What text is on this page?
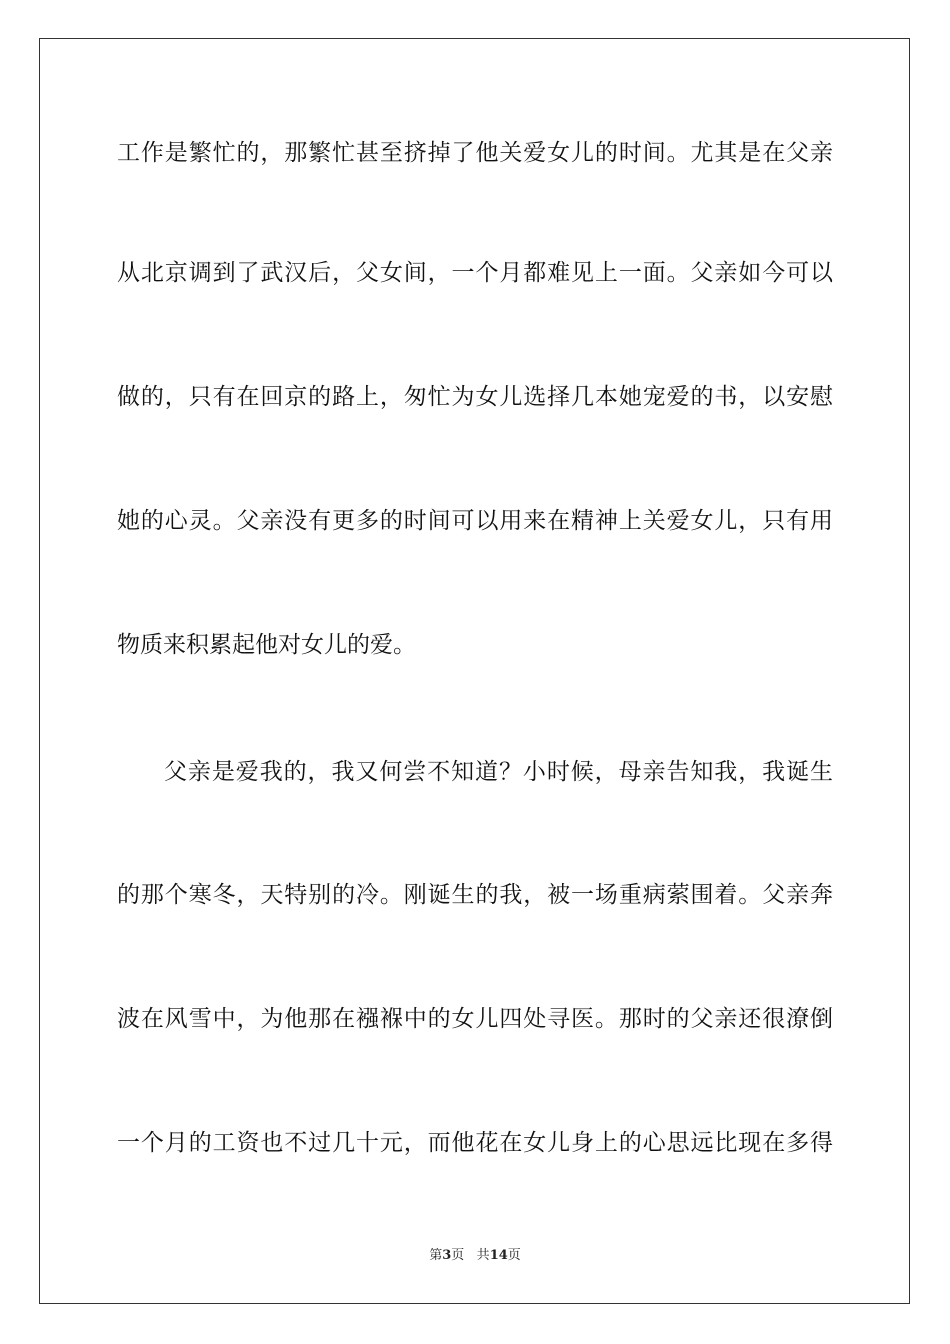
工作是繁忙的，那繁忙甚至挤掉了他关爱女儿的时间。尤其是在父亲
从北京调到了武汉后，父女间，一个月都难见上一面。父亲如今可以
做的，只有在回京的路上，匆忙为女儿选择几本她宠爱的书，以安慰
她的心灵。父亲没有更多的时间可以用来在精神上关爱女儿，只有用
物质来积累起他对女儿的爱。
父亲是爱我的，我又何尝不知道？小时候，母亲告知我，我诞生
的那个寒冬，天特别的冷。刚诞生的我，被一场重病萦围着。父亲奔
波在风雪中，为他那在襁褓中的女儿四处寻医。那时的父亲还很潦倒
一个月的工资也不过几十元，而他花在女儿身上的心思远比现在多得
第3页 共14页
